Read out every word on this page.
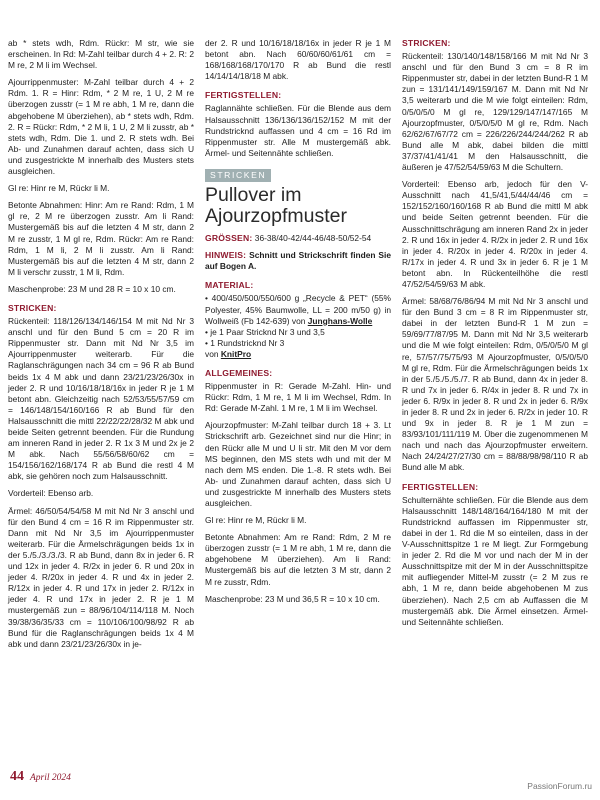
ab * stets wdh, Rdm. Rückr: M str, wie sie erscheinen. In Rd: M-Zahl teilbar durch 4 + 2. R: 2 M re, 2 M li im Wechsel.

Ajourrippenmuster: M-Zahl teilbar durch 4 + 2 Rdm. 1. R = Hinr: Rdm, * 2 M re, 1 U, 2 M re überzogen zusstr (= 1 M re abh, 1 M re, dann die abgehobene M überziehen), ab * stets wdh, Rdm. 2. R = Rückr: Rdm, * 2 M li, 1 U, 2 M li zusstr, ab * stets wdh, Rdm. Die 1. und 2. R stets wdh. Bei Ab- und Zunahmen darauf achten, dass sich U und zusgestrickte M innerhalb des Musters stets ausgleichen.

Gl re: Hinr re M, Rückr li M.

Betonte Abnahmen: Hinr: Am re Rand: Rdm, 1 M gl re, 2 M re überzogen zusstr. Am li Rand: Mustergemäß bis auf die letzten 4 M str, dann 2 M re zusstr, 1 M gl re, Rdm. Rückr: Am re Rand: Rdm, 1 M li, 2 M li zusstr. Am li Rand: Mustergemäß bis auf die letzten 4 M str, dann 2 M li verschr zusstr, 1 M li, Rdm.

Maschenprobe: 23 M und 28 R = 10 x 10 cm.

STRICKEN:

Rückenteil: 118/126/134/146/154 M mit Nd Nr 3 anschl und für den Bund 5 cm = 20 R im Rippenmuster str. Dann mit Nd Nr 3,5 im Ajourrippenmuster weiterarb. Für die Raglanschrägungen nach 34 cm = 96 R ab Bund beids 1x 4 M abk und dann 23/21/23/26/30x in jeder 2. R und 10/16/18/18/16x in jeder R je 1 M betont abn. Gleichzeitig nach 52/53/55/57/59 cm = 146/148/154/160/166 R ab Bund für den Halsausschnitt die mittl 22/22/22/28/32 M abk und beide Seiten getrennt beenden. Für die Rundung am inneren Rand in jeder 2. R 1x 3 M und 2x je 2 M abk. Nach 55/56/58/60/62 cm = 154/156/162/168/174 R ab Bund die restl 4 M abk, sie gehören noch zum Halsausschnitt.

Vorderteil: Ebenso arb.

Ärmel: 46/50/54/54/58 M mit Nd Nr 3 anschl und für den Bund 4 cm = 16 R im Rippenmuster str. Dann mit Nd Nr 3,5 im Ajourrippenmuster weiterarb. Für die Ärmelschrägungen beids 1x in der 5./5./3./3./3. R ab Bund, dann 8x in jeder 6. R und 12x in jeder 4. R/2x in jeder 6. R und 20x in jeder 4. R/20x in jeder 4. R und 4x in jeder 2. R/12x in jeder 4. R und 17x in jeder 2. R/12x in jeder 4. R und 17x in jeder 2. R je 1 M mustergemäß zun = 88/96/104/114/118 M. Noch 39/38/36/35/33 cm = 110/106/100/98/92 R ab Bund für die Raglanschrägungen beids 1x 4 M abk und dann 23/21/23/26/30x in je-

der 2. R und 10/16/18/18/16x in jeder R je 1 M betont abn. Nach 60/60/60/61/61 cm = 168/168/168/170/170 R ab Bund die restl 14/14/14/18/18 M abk.

FERTIGSTELLEN:

Raglannähte schließen. Für die Blende aus dem Halsausschnitt 136/136/136/152/152 M mit der Rundstricknd auffassen und 4 cm = 16 Rd im Rippenmuster str. Alle M mustergemäß abk. Ärmel- und Seitennähte schließen.

STRICKEN
Pullover im Ajourzopfmuster

GRÖSSEN: 36-38/40-42/44-46/48-50/52-54

HINWEIS: Schnitt und Strickschrift finden Sie auf Bogen A.

MATERIAL:
• 400/450/500/550/600 g „Recycle & PET“ (55% Polyester, 45% Baumwolle, LL = 200 m/50 g) in Wollweiß (Fb 142-639) von Junghans-Wolle
• je 1 Paar Stricknd Nr 3 und 3,5
• 1 Rundstricknd Nr 3
von KnitPro
ALLGEMEINES:

Rippenmuster in R: Gerade M-Zahl. Hin- und Rückr: Rdm, 1 M re, 1 M li im Wechsel, Rdm. In Rd: Gerade M-Zahl. 1 M re, 1 M li im Wechsel.

Ajourzopfmuster: M-Zahl teilbar durch 18 + 3. Lt Strickschrift arb. Gezeichnet sind nur die Hinr; in den Rückr alle M und U li str. Mit den M vor dem MS beginnen, den MS stets wdh und mit der M nach dem MS enden. Die 1.-8. R stets wdh. Bei Ab- und Zunahmen darauf achten, dass sich U und zusgestrickte M innerhalb des Musters stets ausgleichen.

Gl re: Hinr re M, Rückr li M.

Betonte Abnahmen: Am re Rand: Rdm, 2 M re überzogen zusstr (= 1 M re abh, 1 M re, dann die abgehobene M überziehen). Am li Rand: Mustergemäß bis auf die letzten 3 M str, dann 2 M re zusstr, Rdm.

Maschenprobe: 23 M und 36,5 R = 10 x 10 cm.

STRICKEN:

Rückenteil: 130/140/148/158/166 M mit Nd Nr 3 anschl und für den Bund 3 cm = 8 R im Rippenmuster str, dabei in der letzten Bund-R 1 M zun = 131/141/149/159/167 M. Dann mit Nd Nr 3,5 weiterarb und die M wie folgt einteilen: Rdm, 0/5/0/5/0 M gl re, 129/129/147/147/165 M Ajourzopfmuster, 0/5/0/5/0 M gl re, Rdm. Nach 62/62/67/67/72 cm = 226/226/244/244/262 R ab Bund alle M abk, dabei bilden die mittl 37/37/41/41/41 M den Halsausschnitt, die äußeren je 47/52/54/59/63 M die Schultern.

Vorderteil: Ebenso arb, jedoch für den V-Ausschnitt nach 41,5/41,5/44/44/46 cm = 152/152/160/160/168 R ab Bund die mittl M abk und beide Seiten getrennt beenden. Für die Ausschnittschrägung am inneren Rand 2x in jeder 2. R und 16x in jeder 4. R/2x in jeder 2. R und 16x in jeder 4. R/20x in jeder 4. R/20x in jeder 4. R/17x in jeder 4. R und 3x in jeder 6. R je 1 M betont abn. In Rückenteilhöhe die restl 47/52/54/59/63 M abk.

Ärmel: 58/68/76/86/94 M mit Nd Nr 3 anschl und für den Bund 3 cm = 8 R im Rippenmuster str, dabei in der letzten Bund-R 1 M zun = 59/69/77/87/95 M. Dann mit Nd Nr 3,5 weiterarb und die M wie folgt einteilen: Rdm, 0/5/0/5/0 M gl re, 57/57/75/75/93 M Ajourzopfmuster, 0/5/0/5/0 M gl re, Rdm. Für die Ärmelschrägungen beids 1x in der 5./5./5./5./7. R ab Bund, dann 4x in jeder 8. R und 7x in jeder 6. R/4x in jeder 8. R und 7x in jeder 6. R/9x in jeder 8. R und 2x in jeder 6. R/9x in jeder 8. R und 2x in jeder 6. R/2x in jeder 10. R und 9x in jeder 8. R je 1 M zun = 83/93/101/111/119 M. Über die zugenommenen M nach und nach das Ajourzopfmuster erweitern. Nach 24/24/27/27/30 cm = 88/88/98/98/110 R ab Bund alle M abk.

FERTIGSTELLEN:

Schulternähte schließen. Für die Blende aus dem Halsausschnitt 148/148/164/164/180 M mit der Rundstricknd auffassen im Rippenmuster str, dabei in der 1. Rd die M so einteilen, dass in der V-Ausschnittspitze 1 re M liegt. Zur Formgebung in jeder 2. Rd die M vor und nach der M in der Ausschnittspitze mit der M in der Ausschnittspitze mit aufliegender Mittel-M zusstr (= 2 M zus re abh, 1 M re, dann beide abgehobenen M zus überziehen). Nach 2,5 cm ab Auffassen die M mustergemäß abk. Die Ärmel einsetzen. Ärmel- und Seitennähte schließen.

44 April 2024
PassionForum.ru
